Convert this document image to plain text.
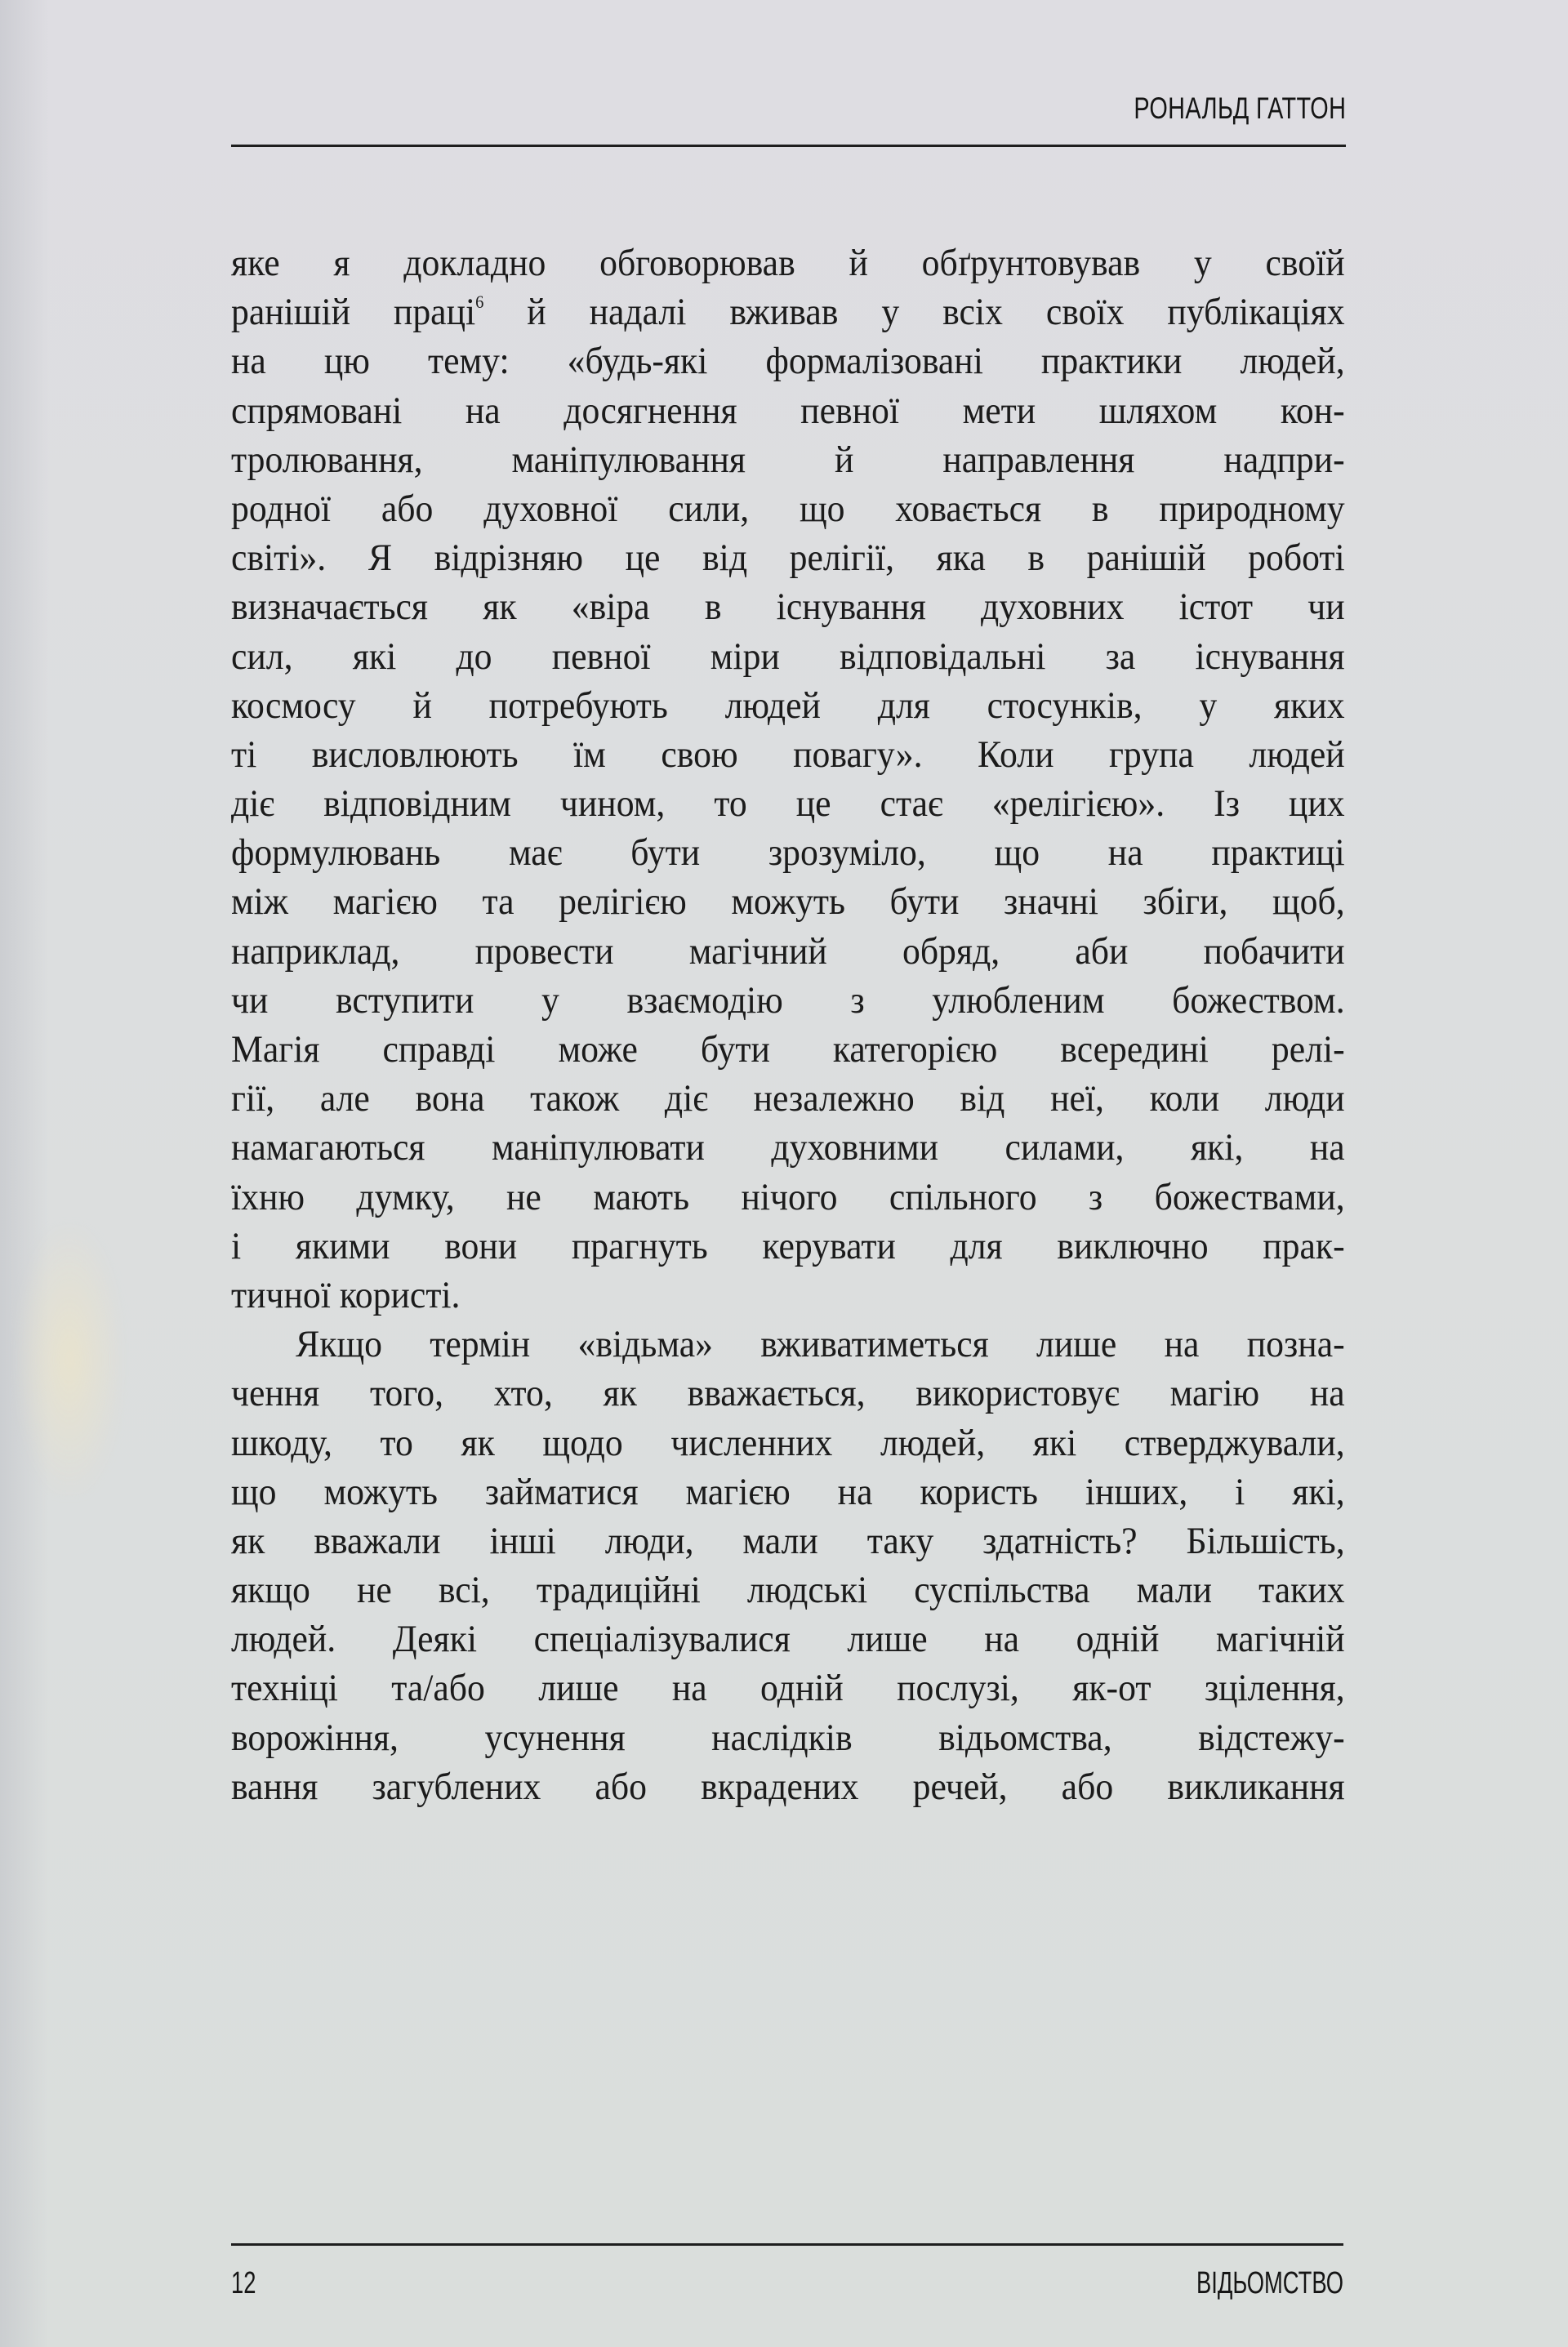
РОНАЛЬД ГАТТОН
яке я докладно обговорював й обґрунтовував у своїй
ранішій праці$^6$ й надалі вживав у всіх своїх публікаціях
на цю тему: «будь-які формалізовані практики людей,
спрямовані на досягнення певної мети шляхом кон-
тролювання, маніпулювання й направлення надпри-
родної або духовної сили, що ховається в природному
світі». Я відрізняю це від релігії, яка в ранішій роботі
визначається як «віра в існування духовних істот чи
сил, які до певної міри відповідальні за існування
космосу й потребують людей для стосунків, у яких
ті висловлюють їм свою повагу». Коли група людей
діє відповідним чином, то це стає «релігією». Із цих
формулювань має бути зрозуміло, що на практиці
між магією та релігією можуть бути значні збіги, щоб,
наприклад, провести магічний обряд, аби побачити
чи вступити у взаємодію з улюбленим божеством.
Магія справді може бути категорією всередині релі-
гії, але вона також діє незалежно від неї, коли люди
намагаються маніпулювати духовними силами, які, на
їхню думку, не мають нічого спільного з божествами,
і якими вони прагнуть керувати для виключно прак-
тичної користі.
Якщо термін «відьма» вживатиметься лише на позна-
чення того, хто, як вважається, використовує магію на
шкоду, то як щодо численних людей, які стверджували,
що можуть займатися магією на користь інших, і які,
як вважали інші люди, мали таку здатність? Більшість,
якщо не всі, традиційні людські суспільства мали таких
людей. Деякі спеціалізувалися лише на одній магічній
техніці та/або лише на одній послузі, як-от зцілення,
ворожіння, усунення наслідків відьомства, відстежу-
вання загублених або вкрадених речей, або викликання
12	ВІДЬОМСТВО
